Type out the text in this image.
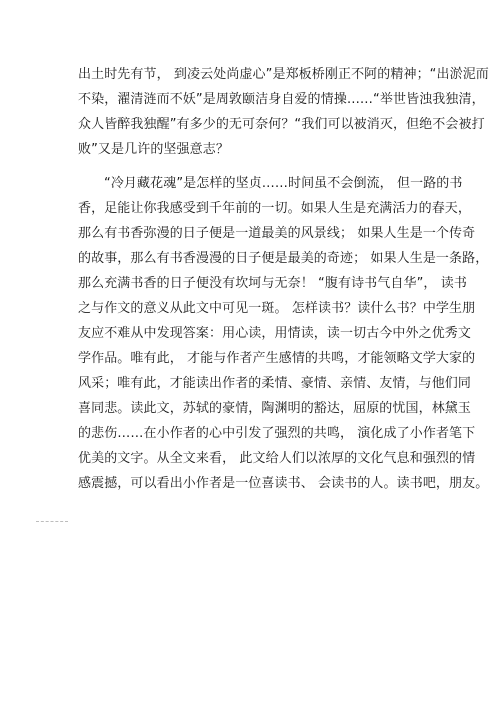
出土时先有节， 到凌云处尚虚心”是郑板桥刚正不阿的精神；“出淤泥而
不染，濯清涟而不妖”是周敦颐洁身自爱的情操……“举世皆浊我独清，
众人皆醉我独醒”有多少的无可奈何？“我们可以被消灭，但绝不会被打
败”又是几许的坚强意志？
“冷月藏花魂”是怎样的坚贞……时间虽不会倒流， 但一路的书
香，足能让你我感受到千年前的一切。如果人生是充满活力的春天，
那么有书香弥漫的日子便是一道最美的风景线； 如果人生是一个传奇
的故事，那么有书香漫漫的日子便是最美的奇迹； 如果人生是一条路，
那么充满书香的日子便没有坎坷与无奈！ “腹有诗书气自华”， 读书
之与作文的意义从此文中可见一斑。 怎样读书？读什么书？中学生朋
友应不难从中发现答案：用心读，用情读，读一切古今中外之优秀文
学作品。唯有此， 才能与作者产生感情的共鸣，才能领略文学大家的
风采；唯有此，才能读出作者的柔情、豪情、亲情、友情，与他们同
喜同悲。读此文，苏轼的豪情，陶渊明的豁达，屈原的忧国，林黛玉
的悲伤……在小作者的心中引发了强烈的共鸣， 演化成了小作者笔下
优美的文字。从全文来看， 此文给人们以浓厚的文化气息和强烈的情
感震撼，可以看出小作者是一位喜读书、 会读书的人。读书吧，朋友。
